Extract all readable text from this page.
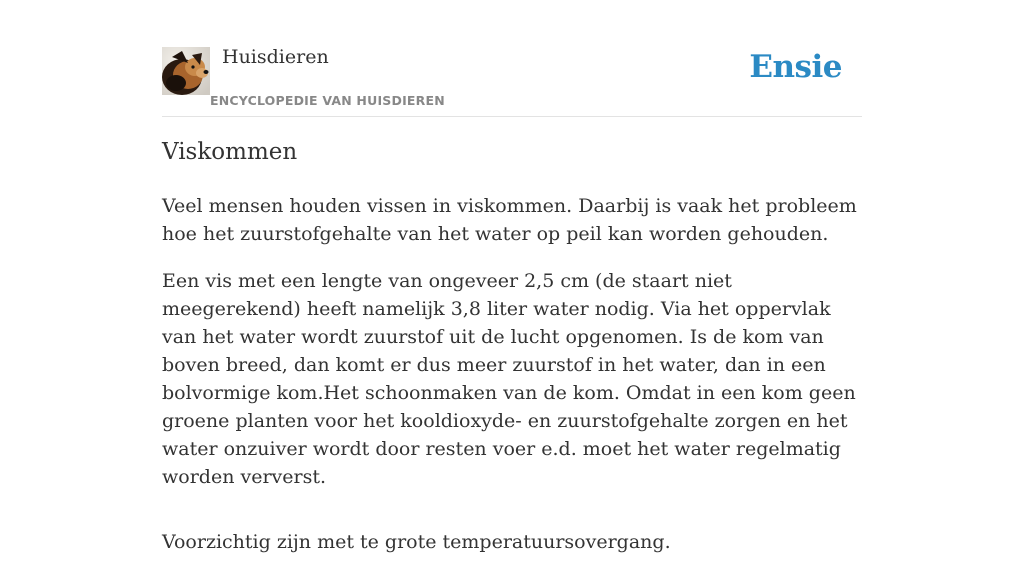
Huisdieren
ENCYCLOPEDIE VAN HUISDIEREN
Ensie
Viskommen

Veel mensen houden vissen in viskommen. Daarbij is vaak het probleem hoe het zuurstofgehalte van het water op peil kan worden gehouden.

Een vis met een lengte van ongeveer 2,5 cm (de staart niet meegerekend) heeft namelijk 3,8 liter water nodig. Via het oppervlak van het water wordt zuurstof uit de lucht opgenomen. Is de kom van boven breed, dan komt er dus meer zuurstof in het water, dan in een bolvormige kom.Het schoonmaken van de kom. Omdat in een kom geen groene planten voor het kooldioxyde- en zuurstofgehalte zorgen en het water onzuiver wordt door resten voer e.d. moet het water regelmatig worden ververst.

Voorzichtig zijn met te grote temperatuursovergang.
